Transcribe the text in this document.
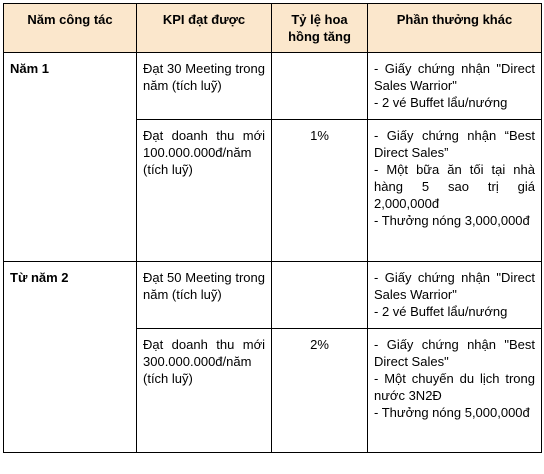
Năm công tác	KPI đạt được	Tỷ lệ hoa hồng tăng	Phần thưởng khác
Năm 1	Đạt 30 Meeting trong năm (tích luỹ)		- Giấy chứng nhận "Direct Sales Warrior"
- 2 vé Buffet lẩu/nướng

	Đạt doanh thu mới 100.000.000đ/năm (tích luỹ)	1%	- Giấy chứng nhận “Best Direct Sales”
- Một bữa ăn tối tại nhà hàng 5 sao trị giá 2,000,000đ
- Thưởng nóng 3,000,000đ

Từ năm 2	Đạt 50 Meeting trong năm (tích luỹ)		- Giấy chứng nhận "Direct Sales Warrior"
- 2 vé Buffet lẩu/nướng

	Đạt doanh thu mới 300.000.000đ/năm (tích luỹ)	2%	- Giấy chứng nhận "Best Direct Sales"
- Một chuyến du lịch trong nước 3N2Đ
- Thưởng nóng 5,000,000đ
